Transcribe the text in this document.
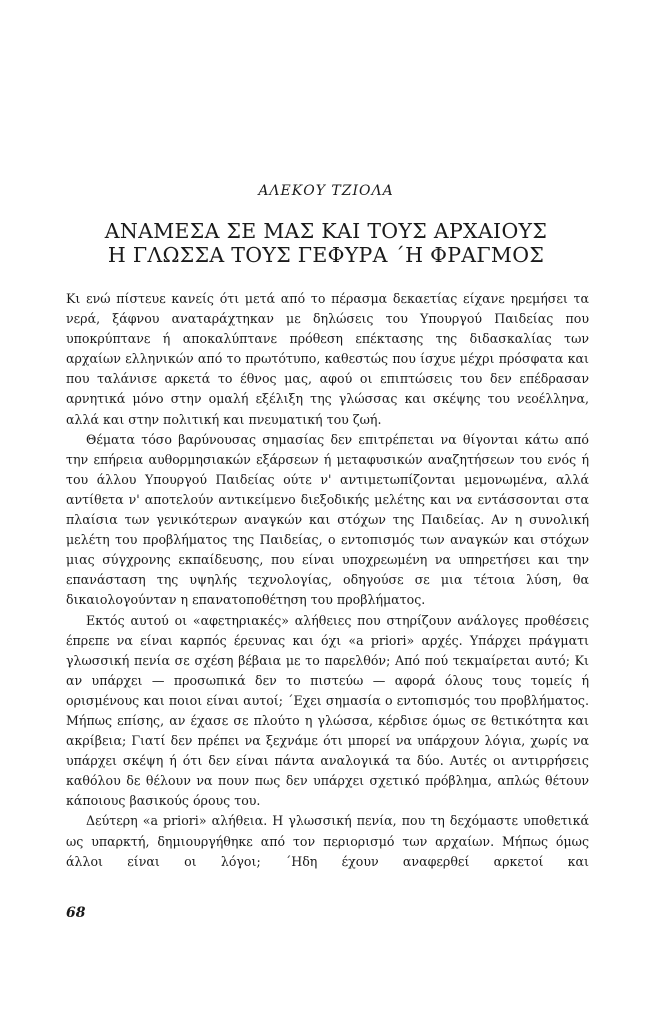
ΑΛΕΚΟΥ ΤΖΙΟΛΑ
ΑΝΑΜΕΣΑ ΣΕ ΜΑΣ ΚΑΙ ΤΟΥΣ ΑΡΧΑΙΟΥΣ
Η ΓΛΩΣΣΑ ΤΟΥΣ ΓΕΦΥΡΑ ΄Η ΦΡΑΓΜΟΣ

Κι ενώ πίστευε κανείς ότι μετά από το πέρασμα δεκαετίας είχανε ηρεμήσει τα νερά, ξάφνου αναταράχτηκαν με δηλώσεις του Υπουργού Παιδείας που υποκρύπτανε ή αποκαλύπτανε πρόθεση επέκτασης της διδασκαλίας των αρχαίων ελληνικών από το πρωτότυπο, καθεστώς που ίσχυε μέχρι πρόσφατα και που ταλάνισε αρκετά το έθνος μας, αφού οι επιπτώσεις του δεν επέδρασαν αρνητικά μόνο στην ομαλή εξέλιξη της γλώσσας και σκέψης του νεοέλληνα, αλλά και στην πολιτική και πνευματική του ζωή.

Θέματα τόσο βαρύνουσας σημασίας δεν επιτρέπεται να θίγονται κάτω από την επήρεια αυθορμησιακών εξάρσεων ή μεταφυσικών αναζητήσεων του ενός ή του άλλου Υπουργού Παιδείας ούτε ν' αντιμετωπίζονται μεμονωμένα, αλλά αντίθετα ν' αποτελούν αντικείμενο διεξοδικής μελέτης και να εντάσσονται στα πλαίσια των γενικότερων αναγκών και στόχων της Παιδείας. Αν η συνολική μελέτη του προβλήματος της Παιδείας, ο εντοπισμός των αναγκών και στόχων μιας σύγχρονης εκπαίδευσης, που είναι υποχρεωμένη να υπηρετήσει και την επανάσταση της υψηλής τεχνολογίας, οδηγούσε σε μια τέτοια λύση, θα δικαιολογούνταν η επανατοποθέτηση του προβλήματος.

Εκτός αυτού οι «αφετηριακές» αλήθειες που στηρίζουν ανάλογες προθέσεις έπρεπε να είναι καρπός έρευνας και όχι «a priori» αρχές. Υπάρχει πράγματι γλωσσική πενία σε σχέση βέβαια με το παρελθόν; Από πού τεκμαίρεται αυτό; Κι αν υπάρχει — προσωπικά δεν το πιστεύω — αφορά όλους τους τομείς ή ορισμένους και ποιοι είναι αυτοί; ΄Εχει σημασία ο εντοπισμός του προβλήματος. Μήπως επίσης, αν έχασε σε πλούτο η γλώσσα, κέρδισε όμως σε θετικότητα και ακρίβεια; Γιατί δεν πρέπει να ξεχνάμε ότι μπορεί να υπάρχουν λόγια, χωρίς να υπάρχει σκέψη ή ότι δεν είναι πάντα αναλογικά τα δύο. Αυτές οι αντιρρήσεις καθόλου δε θέλουν να πουν πως δεν υπάρχει σχετικό πρόβλημα, απλώς θέτουν κάποιους βασικούς όρους του.

Δεύτερη «a priori» αλήθεια. Η γλωσσική πενία, που τη δεχόμαστε υποθετικά ως υπαρκτή, δημιουργήθηκε από τον περιορισμό των αρχαίων. Μήπως όμως άλλοι είναι οι λόγοι; ΄Ηδη έχουν αναφερθεί αρκετοί και

68
